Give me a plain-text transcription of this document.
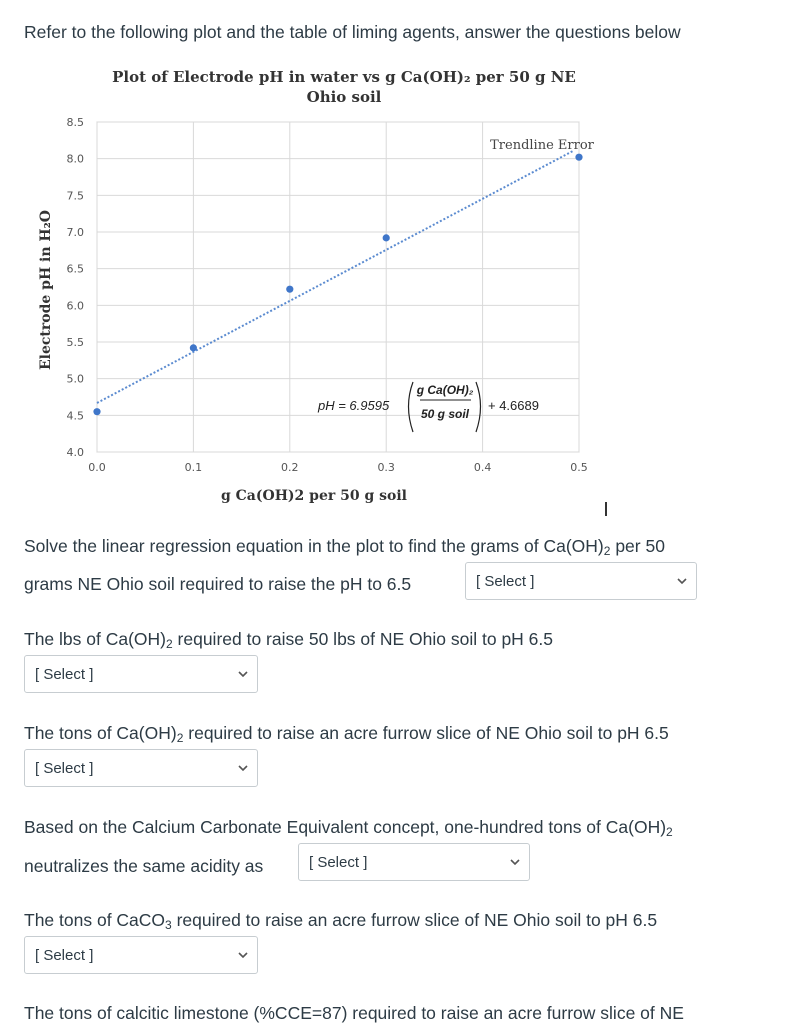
Refer to the following plot and the table of liming agents, answer the questions below
0.0	0.1	0.2	0.3	0.4	0.5
4.0
4.5
5.0
5.5
6.0
6.5
7.0
7.5
8.0
8.5
Plot of Electrode pH in water vs g Ca(OH)₂ per 50 g NE
Ohio soil
g Ca(OH)2 per 50 g soil
Electrode pH in H₂O
Trendline Error
pH = 6.9595
g Ca(OH)₂
50 g soil
+ 4.6689
Solve the linear regression equation in the plot to find the grams of $Ca(OH)_2$ per 50
grams NE Ohio soil required to raise the pH to 6.5	[ Select ]
The lbs of $Ca(OH)_2$ required to raise 50 lbs of NE Ohio soil to pH 6.5
[ Select ]
The tons of $Ca(OH)_2$ required to raise an acre furrow slice of NE Ohio soil to pH 6.5
[ Select ]
Based on the Calcium Carbonate Equivalent concept, one-hundred tons of $Ca(OH)_2$
neutralizes the same acidity as	[ Select ]
The tons of CaCO$_3$ required to raise an acre furrow slice of NE Ohio soil to pH 6.5
[ Select ]
The tons of calcitic limestone (%CCE=87) required to raise an acre furrow slice of NE
